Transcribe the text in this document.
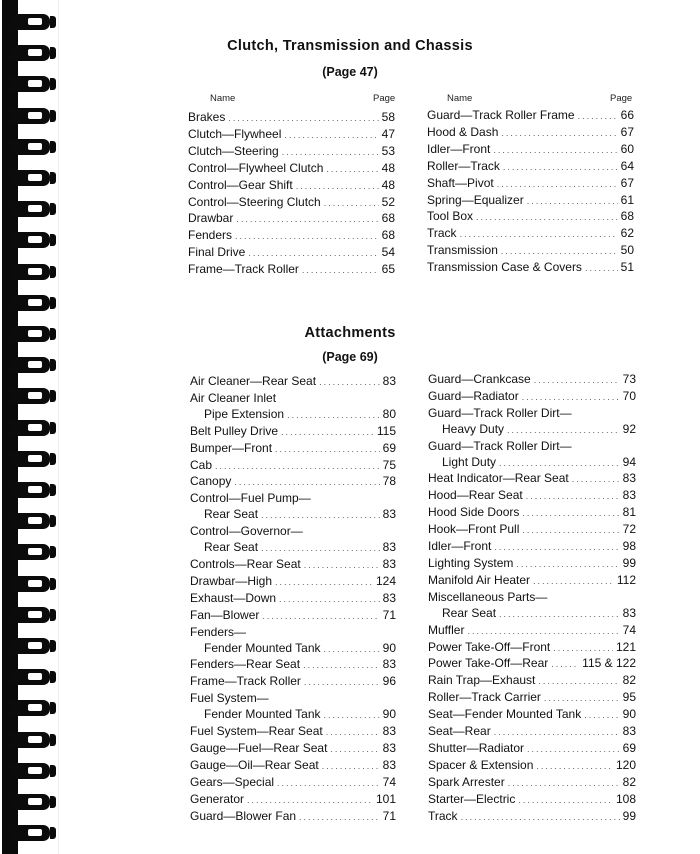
Clutch, Transmission and Chassis
(Page 47)
Name	Page	Name	Page
Brakes .....	58
Clutch—Flywheel .....	47
Clutch—Steering .....	53
Control—Flywheel Clutch .....	48
Control—Gear Shift .....	48
Control—Steering Clutch .....	52
Drawbar .....	68
Fenders .....	68
Final Drive .....	54
Frame—Track Roller .....	65
Guard—Track Roller Frame .....	66
Hood & Dash .....	67
Idler—Front .....	60
Roller—Track .....	64
Shaft—Pivot .....	67
Spring—Equalizer .....	61
Tool Box .....	68
Track .....	62
Transmission .....	50
Transmission Case & Covers .....	51
Attachments
(Page 69)
Air Cleaner—Rear Seat .....	83
Air Cleaner Inlet
Pipe Extension .....	80
Belt Pulley Drive .....	115
Bumper—Front .....	69
Cab .....	75
Canopy .....	78
Control—Fuel Pump—
Rear Seat .....	83
Control—Governor—
Rear Seat .....	83
Controls—Rear Seat .....	83
Drawbar—High .....	124
Exhaust—Down .....	83
Fan—Blower .....	71
Fenders—
Fender Mounted Tank .....	90
Fenders—Rear Seat .....	83
Frame—Track Roller .....	96
Fuel System—
Fender Mounted Tank .....	90
Fuel System—Rear Seat .....	83
Gauge—Fuel—Rear Seat .....	83
Gauge—Oil—Rear Seat .....	83
Gears—Special .....	74
Generator .....	101
Guard—Blower Fan .....	71
Guard—Crankcase .....	73
Guard—Radiator .....	70
Guard—Track Roller Dirt—
Heavy Duty .....	92
Guard—Track Roller Dirt—
Light Duty .....	94
Heat Indicator—Rear Seat .....	83
Hood—Rear Seat .....	83
Hood Side Doors .....	81
Hook—Front Pull .....	72
Idler—Front .....	98
Lighting System .....	99
Manifold Air Heater .....	112
Miscellaneous Parts—
Rear Seat .....	83
Muffler .....	74
Power Take-Off—Front .....	121
Power Take-Off—Rear .....	115 & 122
Rain Trap—Exhaust .....	82
Roller—Track Carrier .....	95
Seat—Fender Mounted Tank .....	90
Seat—Rear .....	83
Shutter—Radiator .....	69
Spacer & Extension .....	120
Spark Arrester .....	82
Starter—Electric .....	108
Track .....	99
